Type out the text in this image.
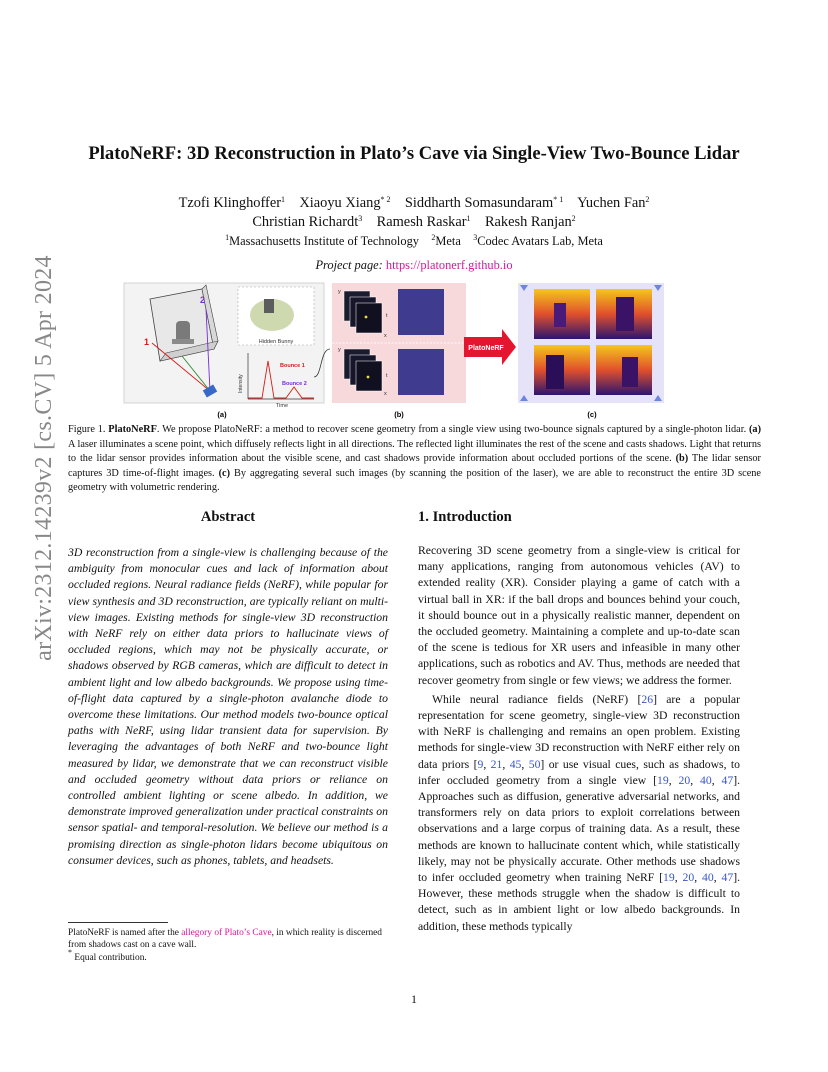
arXiv:2312.14239v2 [cs.CV] 5 Apr 2024
PlatoNeRF: 3D Reconstruction in Plato’s Cave via Single-View Two-Bounce Lidar
Tzofi Klinghoffer$^1$ Xiaoyu Xiang$^{* 2}$ Siddharth Somasundaram$^{* 1}$ Yuchen Fan$^2$
Christian Richardt$^3$ Ramesh Raskar$^1$ Rakesh Ranjan$^2$
$^1$Massachusetts Institute of Technology $^2$Meta $^3$Codec Avatars Lab, Meta
Project page: https://platonerf.github.io
1
2
Hidden Bunny
Bounce 1
Bounce 2
Intensity
Time
(a)
y
x
t
y
x
t
(b)
PlatoNeRF
(c)
Figure 1. PlatoNeRF. We propose PlatoNeRF: a method to recover scene geometry from a single view using two-bounce signals captured by a single-photon lidar. (a) A laser illuminates a scene point, which diffusely reflects light in all directions. The reflected light illuminates the rest of the scene and casts shadows. Light that returns to the lidar sensor provides information about the visible scene, and cast shadows provide information about occluded portions of the scene. (b) The lidar sensor captures 3D time-of-flight images. (c) By aggregating several such images (by scanning the position of the laser), we are able to reconstruct the entire 3D scene geometry with volumetric rendering.
Abstract
3D reconstruction from a single-view is challenging because of the ambiguity from monocular cues and lack of information about occluded regions. Neural radiance fields (NeRF), while popular for view synthesis and 3D reconstruction, are typically reliant on multi-view images. Existing methods for single-view 3D reconstruction with NeRF rely on either data priors to hallucinate views of occluded regions, which may not be physically accurate, or shadows observed by RGB cameras, which are difficult to detect in ambient light and low albedo backgrounds. We propose using time-of-flight data captured by a single-photon avalanche diode to overcome these limitations. Our method models two-bounce optical paths with NeRF, using lidar transient data for supervision. By leveraging the advantages of both NeRF and two-bounce light measured by lidar, we demonstrate that we can reconstruct visible and occluded geometry without data priors or reliance on controlled ambient lighting or scene albedo. In addition, we demonstrate improved generalization under practical constraints on sensor spatial- and temporal-resolution. We believe our method is a promising direction as single-photon lidars become ubiquitous on consumer devices, such as phones, tablets, and headsets.
PlatoNeRF is named after the allegory of Plato’s Cave, in which reality is discerned from shadows cast on a cave wall.
* Equal contribution.
1. Introduction

Recovering 3D scene geometry from a single-view is critical for many applications, ranging from autonomous vehicles (AV) to extended reality (XR). Consider playing a game of catch with a virtual ball in XR: if the ball drops and bounces behind your couch, it should bounce out in a physically realistic manner, dependent on the occluded geometry. Maintaining a complete and up-to-date scan of the scene is tedious for XR users and infeasible in many other applications, such as robotics and AV. Thus, methods are needed that recover geometry from single or few views; we address the former.

While neural radiance fields (NeRF) [26] are a popular representation for scene geometry, single-view 3D reconstruction with NeRF is challenging and remains an open problem. Existing methods for single-view 3D reconstruction with NeRF either rely on data priors [9, 21, 45, 50] or use visual cues, such as shadows, to infer occluded geometry from a single view [19, 20, 40, 47]. Approaches such as diffusion, generative adversarial networks, and transformers rely on data priors to exploit correlations between observations and a large corpus of training data. As a result, these methods are known to hallucinate content which, while statistically likely, may not be physically accurate. Other methods use shadows to infer occluded geometry when training NeRF [19, 20, 40, 47]. However, these methods struggle when the shadow is difficult to detect, such as in ambient light or low albedo backgrounds. In addition, these methods typically

1
